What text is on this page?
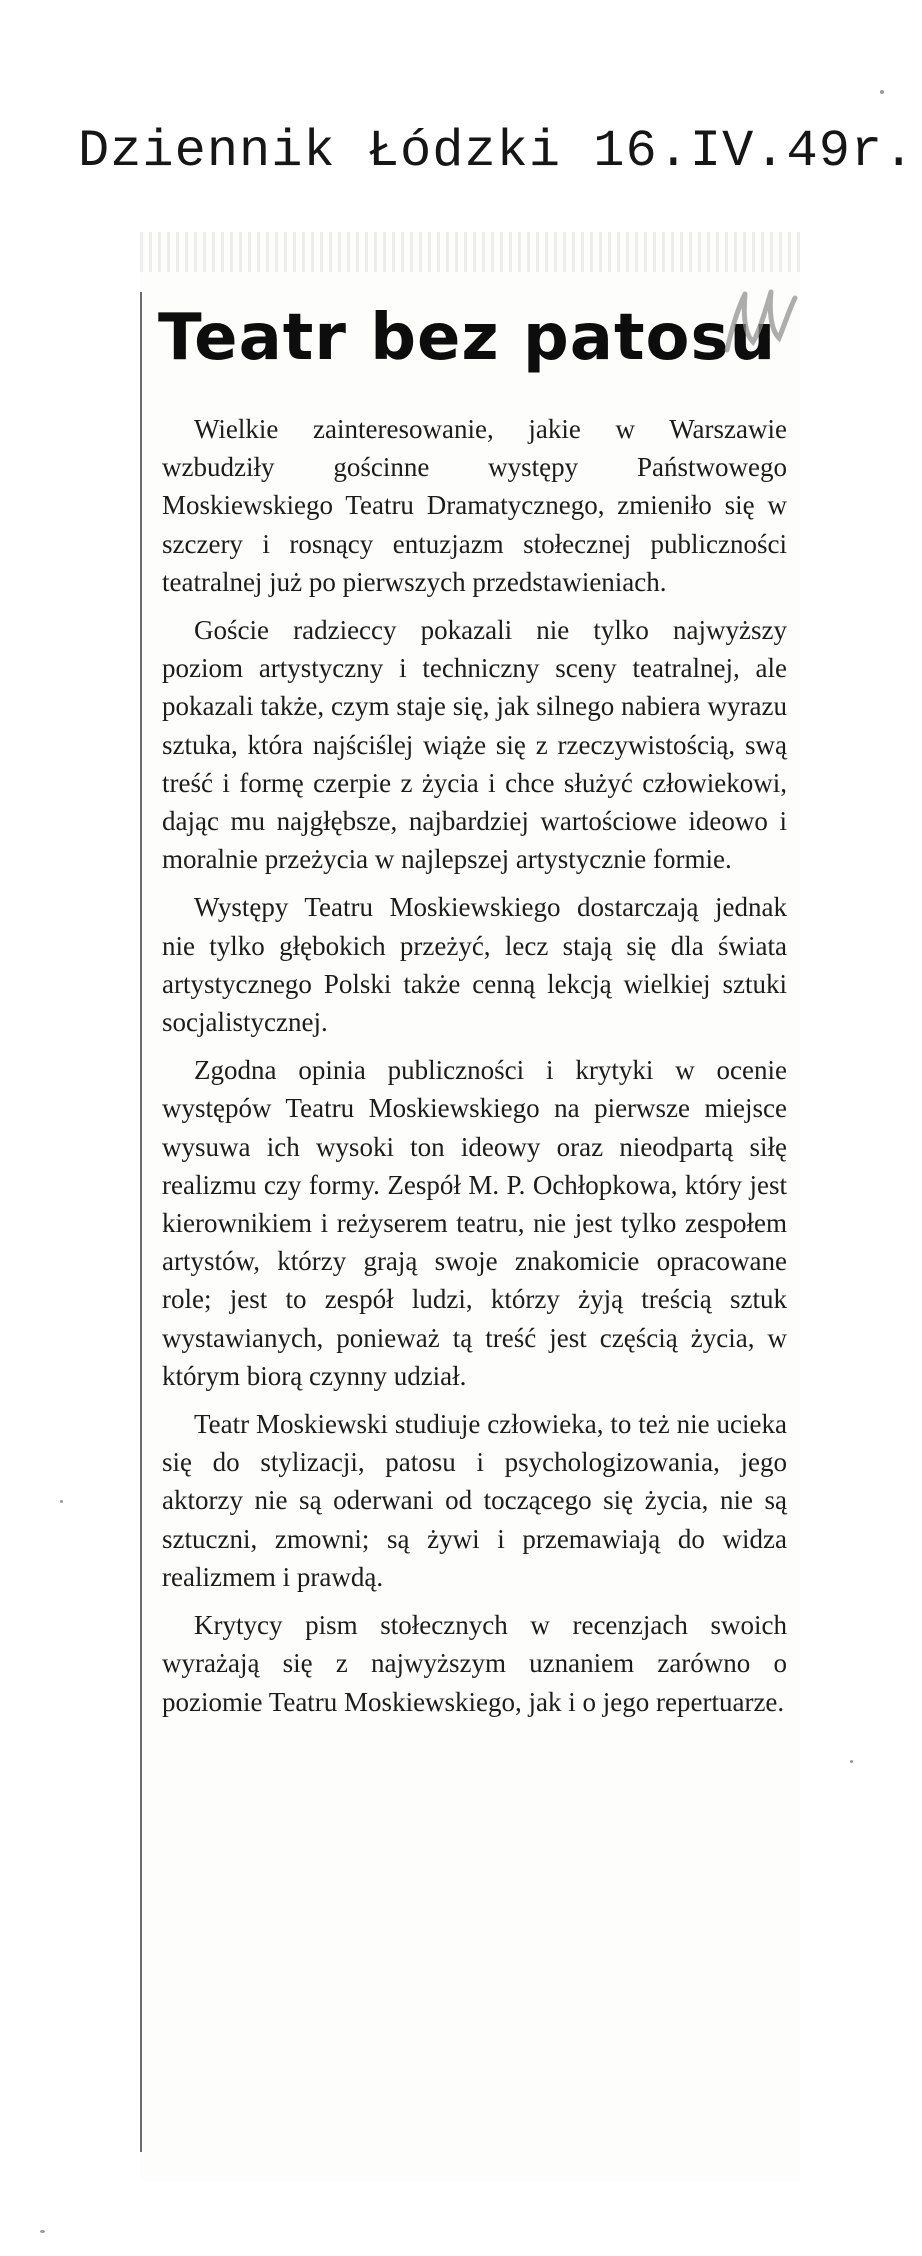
Dziennik Łódzki 16.IV.49r.
Teatr bez patosu

Wielkie zainteresowanie, jakie w Warszawie wzbudziły gościnne występy Państwowego Moskiewskiego Teatru Dramatycznego, zmieniło się w szczery i rosnący entuzjazm stołecznej publiczności teatralnej już po pierwszych przedstawieniach.

Goście radzieccy pokazali nie tylko najwyższy poziom artystyczny i techniczny sceny teatralnej, ale pokazali także, czym staje się, jak silnego nabiera wyrazu sztuka, która najściślej wiąże się z rzeczywistością, swą treść i formę czerpie z życia i chce służyć człowiekowi, dając mu najgłębsze, najbardziej wartościowe ideowo i moralnie przeżycia w najlepszej artystycznie formie.

Występy Teatru Moskiewskiego dostarczają jednak nie tylko głębokich przeżyć, lecz stają się dla świata artystycznego Polski także cenną lekcją wielkiej sztuki socjalistycznej.

Zgodna opinia publiczności i krytyki w ocenie występów Teatru Moskiewskiego na pierwsze miejsce wysuwa ich wysoki ton ideowy oraz nieodpartą siłę realizmu czy formy. Zespół M. P. Ochłopkowa, który jest kierownikiem i reżyserem teatru, nie jest tylko zespołem artystów, którzy grają swoje znakomicie opracowane role; jest to zespół ludzi, którzy żyją treścią sztuk wystawianych, ponieważ tą treść jest częścią życia, w którym biorą czynny udział.

Teatr Moskiewski studiuje człowieka, to też nie ucieka się do stylizacji, patosu i psychologizowania, jego aktorzy nie są oderwani od toczącego się życia, nie są sztuczni, zmowni; są żywi i przemawiają do widza realizmem i prawdą.

Krytycy pism stołecznych w recenzjach swoich wyrażają się z najwyższym uznaniem zarówno o poziomie Teatru Moskiewskiego, jak i o jego repertuarze.
